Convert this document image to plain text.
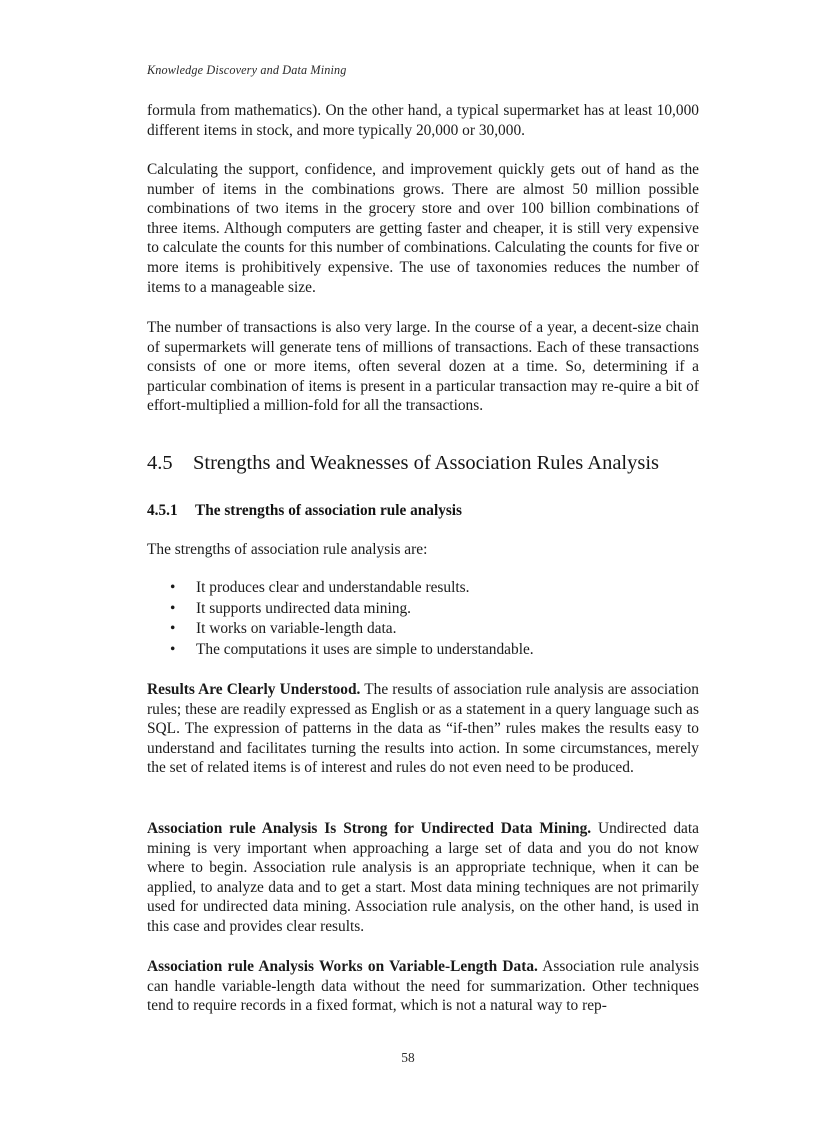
Knowledge Discovery and Data Mining

formula from mathematics). On the other hand, a typical supermarket has at least 10,000 different items in stock, and more typically 20,000 or 30,000.

Calculating the support, confidence, and improvement quickly gets out of hand as the number of items in the combinations grows. There are almost 50 million possible combinations of two items in the grocery store and over 100 billion combinations of three items. Although computers are getting faster and cheaper, it is still very expensive to calculate the counts for this number of combinations. Calculating the counts for five or more items is prohibitively expensive. The use of taxonomies reduces the number of items to a manageable size.

The number of transactions is also very large. In the course of a year, a decent-size chain of supermarkets will generate tens of millions of transactions. Each of these transactions consists of one or more items, often several dozen at a time. So, determining if a particular combination of items is present in a particular transaction may re-quire a bit of effort-multiplied a million-fold for all the transactions.

4.5 Strengths and Weaknesses of Association Rules Analysis
4.5.1 The strengths of association rule analysis

The strengths of association rule analysis are:

• It produces clear and understandable results.
• It supports undirected data mining.
• It works on variable-length data.
• The computations it uses are simple to understandable.

Results Are Clearly Understood. The results of association rule analysis are association rules; these are readily expressed as English or as a statement in a query language such as SQL. The expression of patterns in the data as “if-then” rules makes the results easy to understand and facilitates turning the results into action. In some circumstances, merely the set of related items is of interest and rules do not even need to be produced.

Association rule Analysis Is Strong for Undirected Data Mining. Undirected data mining is very important when approaching a large set of data and you do not know where to begin. Association rule analysis is an appropriate technique, when it can be applied, to analyze data and to get a start. Most data mining techniques are not primarily used for undirected data mining. Association rule analysis, on the other hand, is used in this case and provides clear results.

Association rule Analysis Works on Variable-Length Data. Association rule analysis can handle variable-length data without the need for summarization. Other techniques tend to require records in a fixed format, which is not a natural way to rep-

58
